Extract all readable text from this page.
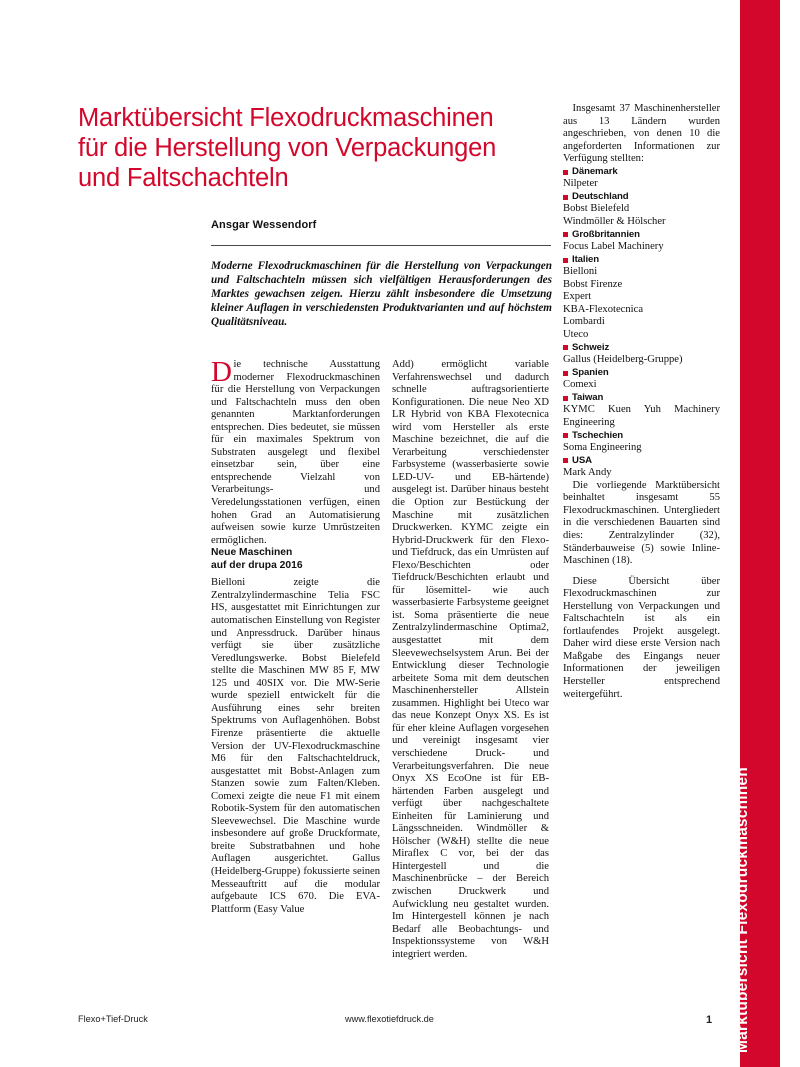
Marktübersicht Flexodruckmaschinen
Marktübersicht Flexodruckmaschinen
für die Herstellung von Verpackungen
und Faltschachteln
Ansgar Wessendorf
Moderne Flexodruckmaschinen für die Herstellung von Verpackungen und Faltschachteln müssen sich vielfältigen Herausforderungen des Marktes gewachsen zeigen. Hierzu zählt insbesondere die Umsetzung kleiner Auflagen in verschiedensten Produktvarianten und auf höchstem Qualitätsniveau.

Die technische Ausstattung moderner Flexodruckmaschinen für die Herstellung von Verpackungen und Faltschachteln muss den oben genannten Marktanforderungen entsprechen. Dies bedeutet, sie müssen für ein maximales Spektrum von Substraten ausgelegt und flexibel einsetzbar sein, über eine entsprechende Vielzahl von Verarbeitungs- und Veredelungsstationen verfügen, einen hohen Grad an Automatisierung aufweisen sowie kurze Umrüstzeiten ermöglichen.

Neue Maschinen

auf der drupa 2016

Bielloni zeigte die Zentralzylindermaschine Telia FSC HS, ausgestattet mit Einrichtungen zur automatischen Einstellung von Register und Anpressdruck. Darüber hinaus verfügt sie über zusätzliche Veredlungswerke. Bobst Bielefeld stellte die Maschinen MW 85 F, MW 125 und 40SIX vor. Die MW-Serie wurde speziell entwickelt für die Ausführung eines sehr breiten Spektrums von Auflagenhöhen. Bobst Firenze präsentierte die aktuelle Version der UV-Flexodruckmaschine M6 für den Faltschachteldruck, ausgestattet mit Bobst-Anlagen zum Stanzen sowie zum Falten/Kleben. Comexi zeigte die neue F1 mit einem Robotik-System für den automatischen Sleevewechsel. Die Maschine wurde insbesondere auf große Druckformate, breite Substratbahnen und hohe Auflagen ausgerichtet. Gallus (Heidelberg-Gruppe) fokussierte seinen Messeauftritt auf die modular aufgebaute ICS 670. Die EVA-Plattform (Easy Value

Add) ermöglicht variable Verfahrenswechsel und dadurch schnelle auftragsorientierte Konfigurationen. Die neue Neo XD LR Hybrid von KBA Flexotecnica wird vom Hersteller als erste Maschine bezeichnet, die auf die Verarbeitung verschiedenster Farbsysteme (wasserbasierte sowie LED-UV- und EB-härtende) ausgelegt ist. Darüber hinaus besteht die Option zur Bestückung der Maschine mit zusätzlichen Druckwerken. KYMC zeigte ein Hybrid-Druckwerk für den Flexo- und Tiefdruck, das ein Umrüsten auf Flexo/Beschichten oder Tiefdruck/Beschichten erlaubt und für lösemittel- wie auch wasserbasierte Farbsysteme geeignet ist. Soma präsentierte die neue Zentralzylindermaschine Optima2, ausgestattet mit dem Sleevewechselsystem Arun. Bei der Entwicklung dieser Technologie arbeitete Soma mit dem deutschen Maschinenhersteller Allstein zusammen. Highlight bei Uteco war das neue Konzept Onyx XS. Es ist für eher kleine Auflagen vorgesehen und vereinigt insgesamt vier verschiedene Druck- und Verarbeitungsverfahren. Die neue Onyx XS EcoOne ist für EB-härtenden Farben ausgelegt und verfügt über nachgeschaltete Einheiten für Laminierung und Längsschneiden. Windmöller & Hölscher (W&H) stellte die neue Miraflex C vor, bei der das Hintergestell und die Maschinenbrücke – der Bereich zwischen Druckwerk und Aufwicklung neu gestaltet wurden. Im Hintergestell können je nach Bedarf alle Beobachtungs- und Inspektionssysteme von W&H integriert werden.

Insgesamt 37 Maschinenhersteller aus 13 Ländern wurden angeschrieben, von denen 10 die angeforderten Informationen zur Verfügung stellten:

Dänemark
Nilpeter
Deutschland
Bobst Bielefeld
Windmöller & Hölscher
Großbritannien
Focus Label Machinery
Italien
Bielloni
Bobst Firenze
Expert
KBA-Flexotecnica
Lombardi
Uteco
Schweiz
Gallus (Heidelberg-Gruppe)
Spanien
Comexi
Taiwan
KYMC Kuen Yuh Machinery Engineering
Tschechien
Soma Engineering
USA
Mark Andy

Die vorliegende Marktübersicht beinhaltet insgesamt 55 Flexodruckmaschinen. Untergliedert in die verschiedenen Bauarten sind dies: Zentralzylinder (32), Ständerbauweise (5) sowie Inline-Maschinen (18).

Diese Übersicht über Flexodruckmaschinen zur Herstellung von Verpackungen und Faltschachteln ist als ein fortlaufendes Projekt ausgelegt. Daher wird diese erste Version nach Maßgabe des Eingangs neuer Informationen der jeweiligen Hersteller entsprechend weitergeführt.

Flexo+Tief-Druck	www.flexotiefdruck.de	1
